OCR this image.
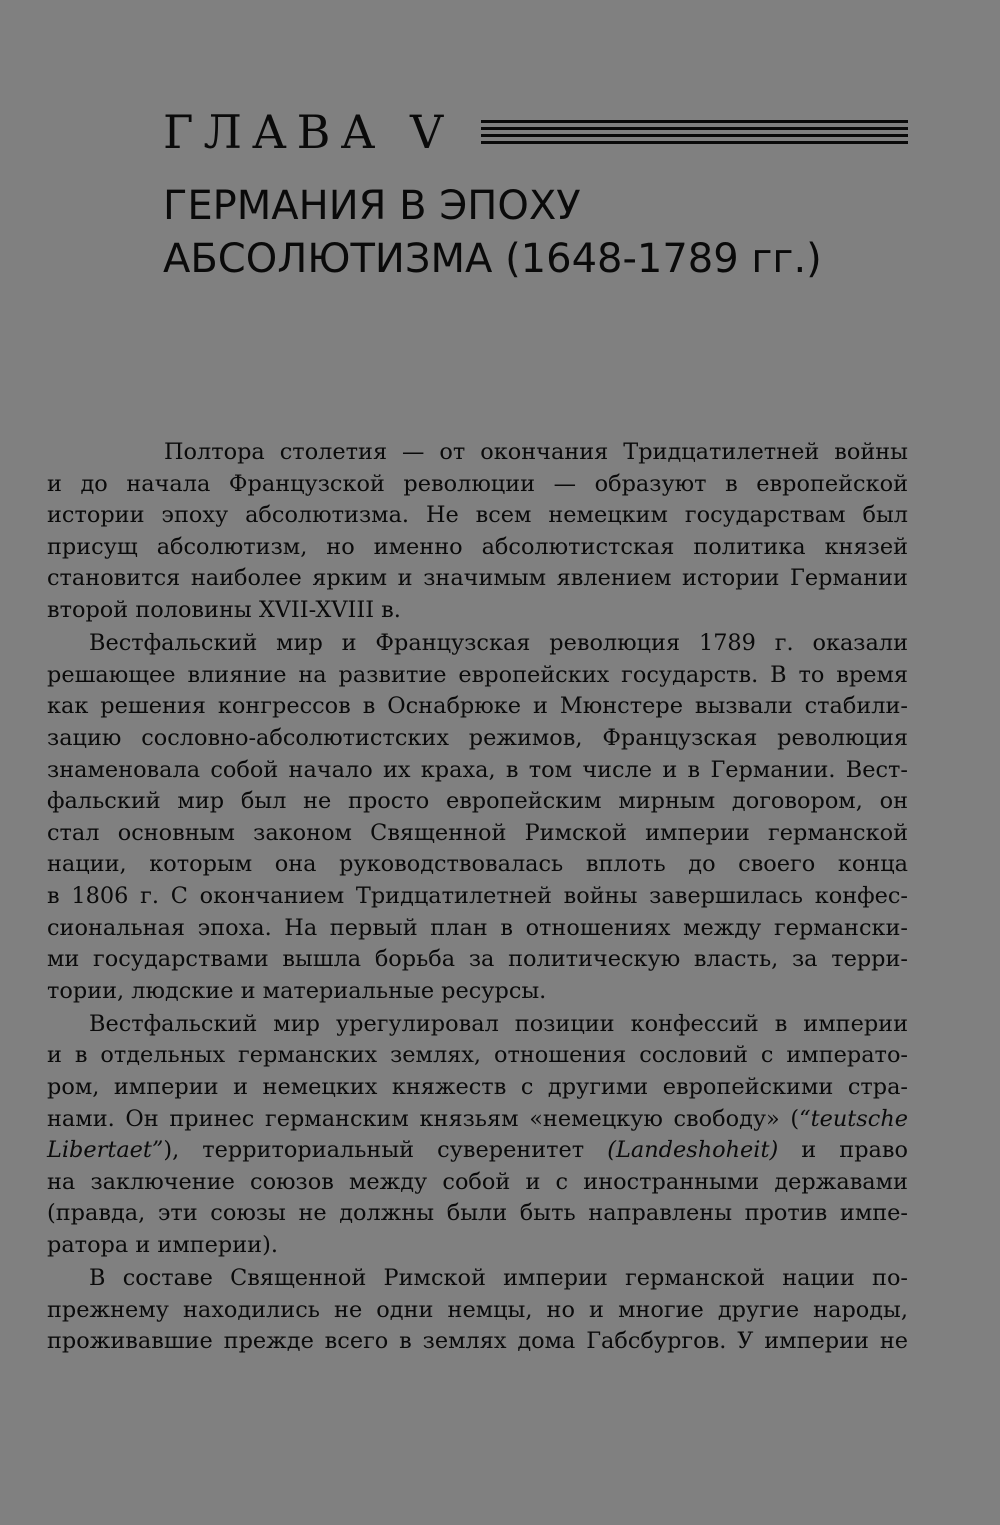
ГЛАВА V
ГЕРМАНИЯ В ЭПОХУ
АБСОЛЮТИЗМА (1648-1789 гг.)

Полтора столетия — от окончания Тридцатилетней войны
и до начала Французской революции — образуют в европейской
истории эпоху абсолютизма. Не всем немецким государствам был
присущ абсолютизм, но именно абсолютистская политика князей
становится наиболее ярким и значимым явлением истории Германии
второй половины XVII-XVIII в.

Вестфальский мир и Французская революция 1789 г. оказали
решающее влияние на развитие европейских государств. В то время
как решения конгрессов в Оснабрюке и Мюнстере вызвали стабили-
зацию сословно-абсолютистских режимов, Французская революция
знаменовала собой начало их краха, в том числе и в Германии. Вест-
фальский мир был не просто европейским мирным договором, он
стал основным законом Священной Римской империи германской
нации, которым она руководствовалась вплоть до своего конца
в 1806 г. С окончанием Тридцатилетней войны завершилась конфес-
сиональная эпоха. На первый план в отношениях между германски-
ми государствами вышла борьба за политическую власть, за терри-
тории, людские и материальные ресурсы.

Вестфальский мир урегулировал позиции конфессий в империи
и в отдельных германских землях, отношения сословий с императо-
ром, империи и немецких княжеств с другими европейскими стра-
нами. Он принес германским князьям «немецкую свободу» (“teutsche
Libertaet”), территориальный суверенитет (Landeshoheit) и право
на заключение союзов между собой и с иностранными державами
(правда, эти союзы не должны были быть направлены против импе-
ратора и империи).

В составе Священной Римской империи германской нации по-
прежнему находились не одни немцы, но и многие другие народы,
проживавшие прежде всего в землях дома Габсбургов. У империи не
